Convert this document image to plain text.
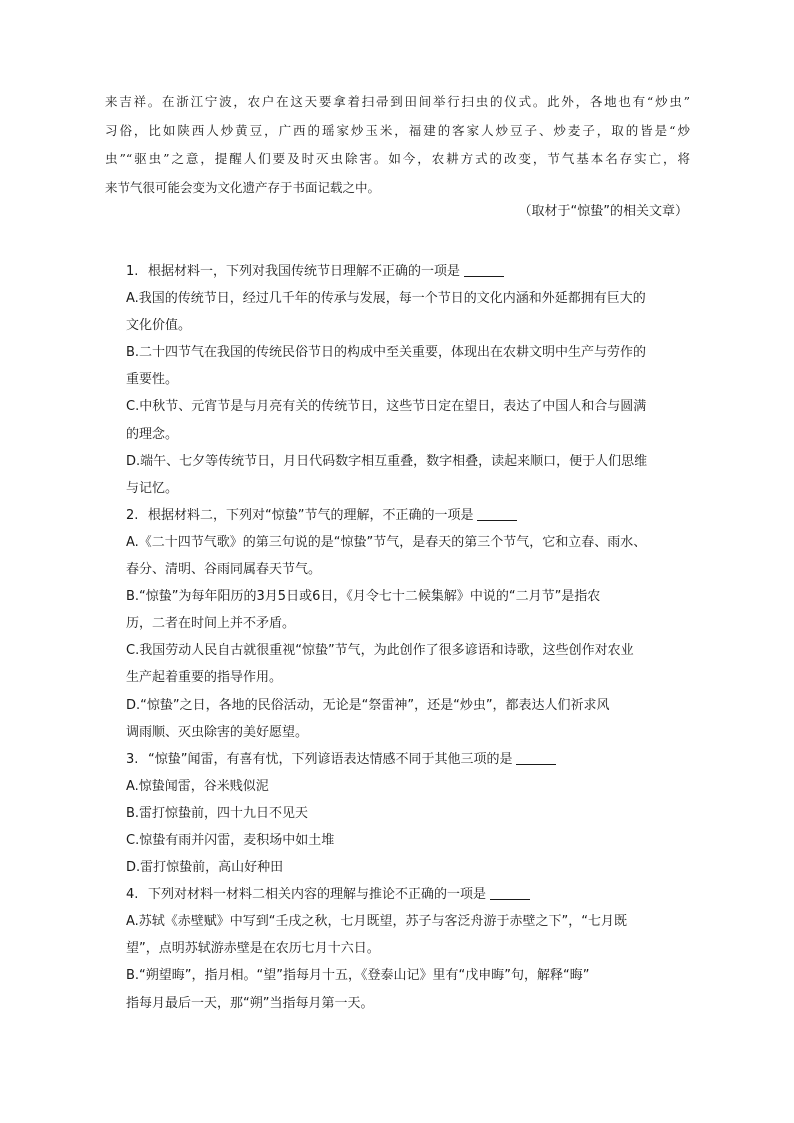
来吉祥。在浙江宁波，农户在这天要拿着扫帚到田间举行扫虫的仪式。此外，各地也有“炒虫”

习俗，比如陕西人炒黄豆，广西的瑶家炒玉米，福建的客家人炒豆子、炒麦子，取的皆是“炒

虫”“驱虫”之意，提醒人们要及时灭虫除害。如今，农耕方式的改变，节气基本名存实亡，将

来节气很可能会变为文化遗产存于书面记载之中。

（取材于“惊蛰”的相关文章）

1. 根据材料一，下列对我国传统节日理解不正确的一项是

A.我国的传统节日，经过几千年的传承与发展，每一个节日的文化内涵和外延都拥有巨大的

文化价值。

B.二十四节气在我国的传统民俗节日的构成中至关重要，体现出在农耕文明中生产与劳作的

重要性。

C.中秋节、元宵节是与月亮有关的传统节日，这些节日定在望日，表达了中国人和合与圆满

的理念。

D.端午、七夕等传统节日，月日代码数字相互重叠，数字相叠，读起来顺口，便于人们思维

与记忆。

2. 根据材料二，下列对“惊蛰”节气的理解，不正确的一项是

A.《二十四节气歌》的第三句说的是“惊蛰”节气，是春天的第三个节气，它和立春、雨水、

春分、清明、谷雨同属春天节气。

B.“惊蛰”为每年阳历的3月5日或6日，《月令七十二候集解》中说的“二月节”是指农

历，二者在时间上并不矛盾。

C.我国劳动人民自古就很重视“惊蛰”节气，为此创作了很多谚语和诗歌，这些创作对农业

生产起着重要的指导作用。

D.“惊蛰”之日，各地的民俗活动，无论是“祭雷神”，还是“炒虫”，都表达人们祈求风

调雨顺、灭虫除害的美好愿望。

3. “惊蛰”闻雷，有喜有忧，下列谚语表达情感不同于其他三项的是

A.惊蛰闻雷，谷米贱似泥

B.雷打惊蛰前，四十九日不见天

C.惊蛰有雨并闪雷，麦积场中如土堆

D.雷打惊蛰前，高山好种田

4. 下列对材料一材料二相关内容的理解与推论不正确的一项是

A.苏轼《赤壁赋》中写到“壬戌之秋，七月既望，苏子与客泛舟游于赤壁之下”，“七月既

望”，点明苏轼游赤壁是在农历七月十六日。

B.“朔望晦”，指月相。“望”指每月十五，《登泰山记》里有“戊申晦”句，解释“晦”

指每月最后一天，那“朔”当指每月第一天。
